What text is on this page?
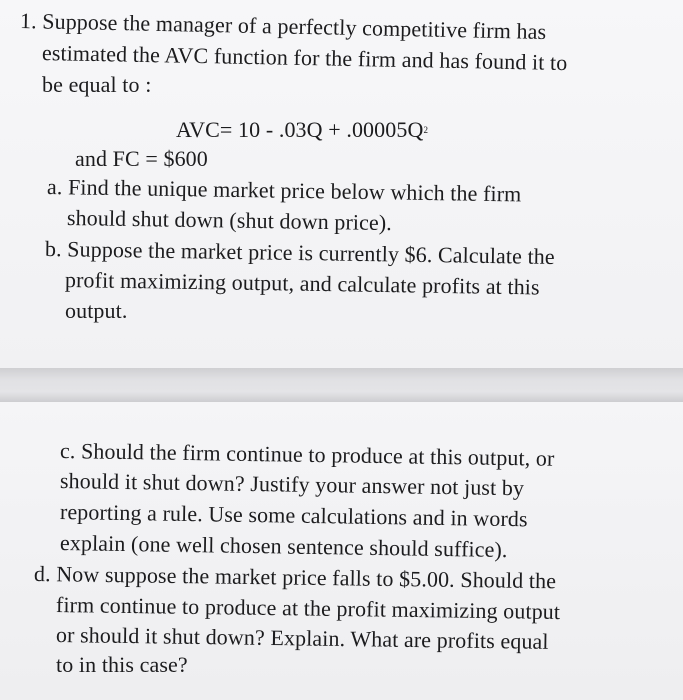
1. Suppose the manager of a perfectly competitive firm has
estimated the AVC function for the firm and has found it to
be equal to :
$AVC= 10 - .03Q + .00005Q^2$
and FC = $600
a. Find the unique market price below which the firm
should shut down (shut down price).
b. Suppose the market price is currently $6. Calculate the
profit maximizing output, and calculate profits at this
output.
c. Should the firm continue to produce at this output, or
should it shut down? Justify your answer not just by
reporting a rule. Use some calculations and in words
explain (one well chosen sentence should suffice).
d. Now suppose the market price falls to $5.00. Should the
firm continue to produce at the profit maximizing output
or should it shut down? Explain. What are profits equal
to in this case?
